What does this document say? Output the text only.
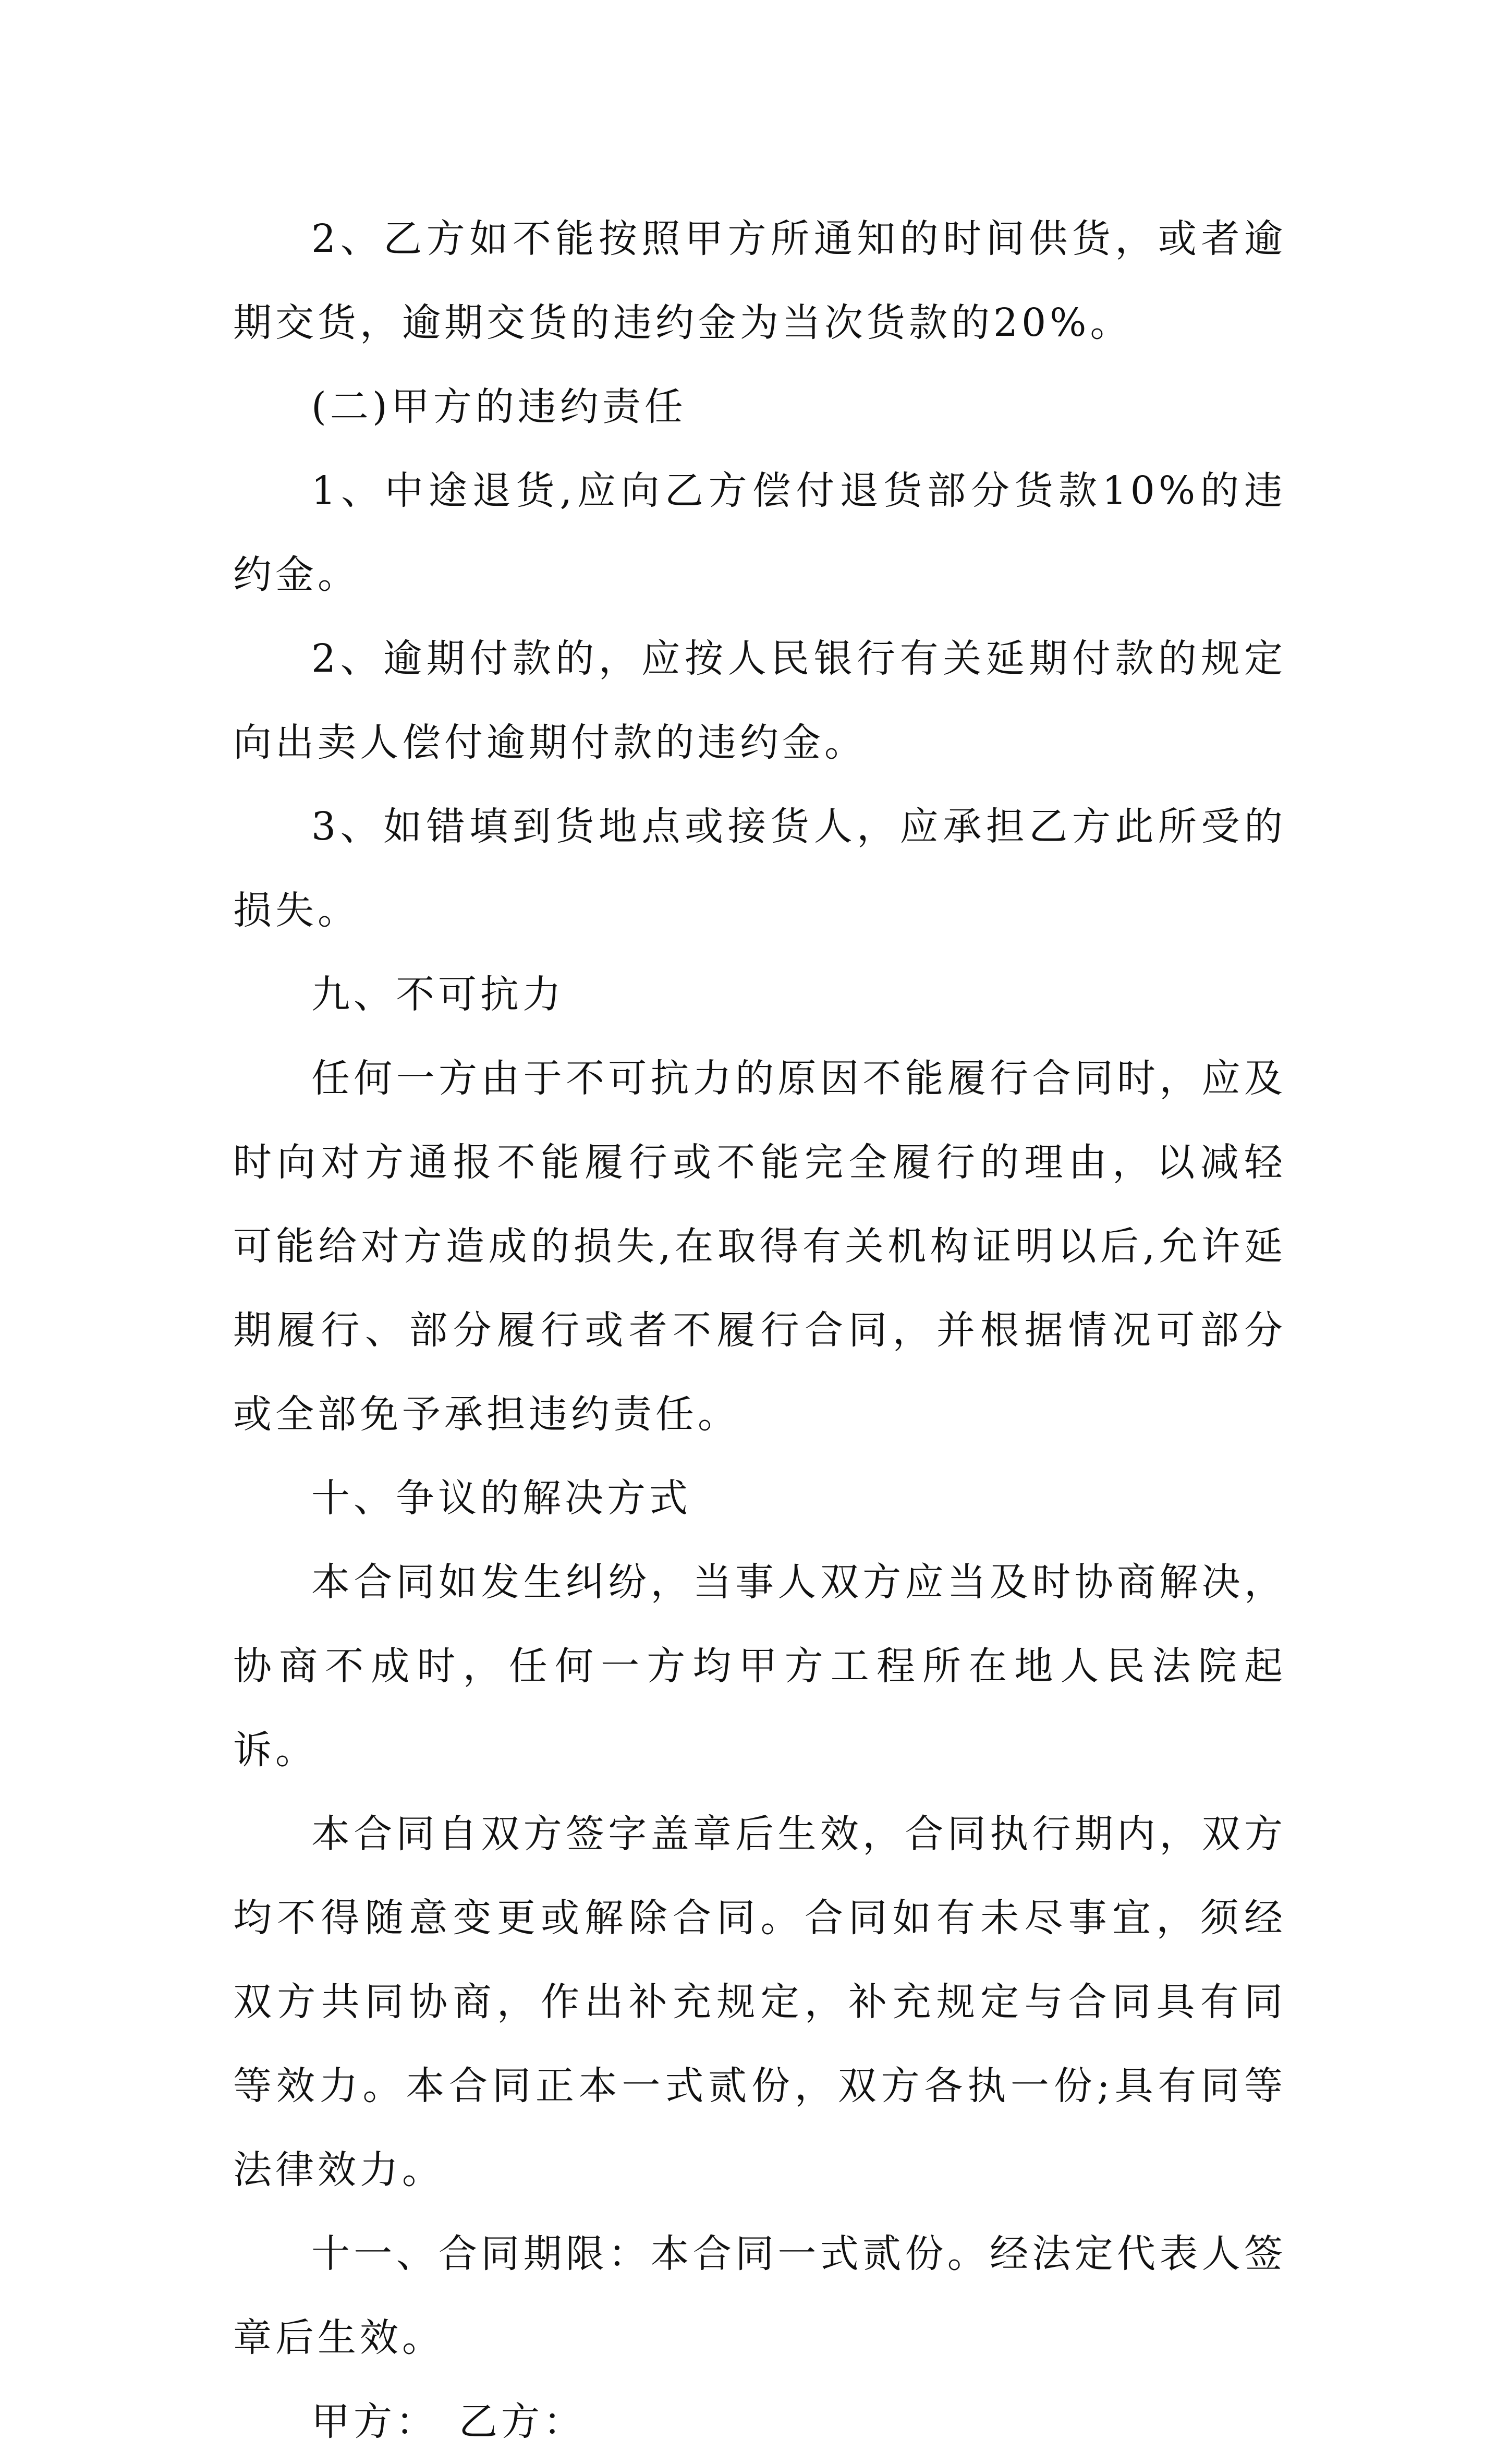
2、乙方如不能按照甲方所通知的时间供货，或者逾期交货，逾期交货的违约金为当次货款的20%。

(二)甲方的违约责任

1、中途退货,应向乙方偿付退货部分货款10%的违约金。

2、逾期付款的，应按人民银行有关延期付款的规定向出卖人偿付逾期付款的违约金。

3、如错填到货地点或接货人，应承担乙方此所受的损失。

九、不可抗力

任何一方由于不可抗力的原因不能履行合同时，应及时向对方通报不能履行或不能完全履行的理由，以减轻可能给对方造成的损失,在取得有关机构证明以后,允许延期履行、部分履行或者不履行合同，并根据情况可部分或全部免予承担违约责任。

十、争议的解决方式

本合同如发生纠纷，当事人双方应当及时协商解决，协商不成时，任何一方均甲方工程所在地人民法院起诉。

本合同自双方签字盖章后生效，合同执行期内，双方均不得随意变更或解除合同。合同如有未尽事宜，须经双方共同协商，作出补充规定，补充规定与合同具有同等效力。本合同正本一式贰份，双方各执一份;具有同等法律效力。

十一、合同期限：本合同一式贰份。经法定代表人签章后生效。

甲方： 乙方：
